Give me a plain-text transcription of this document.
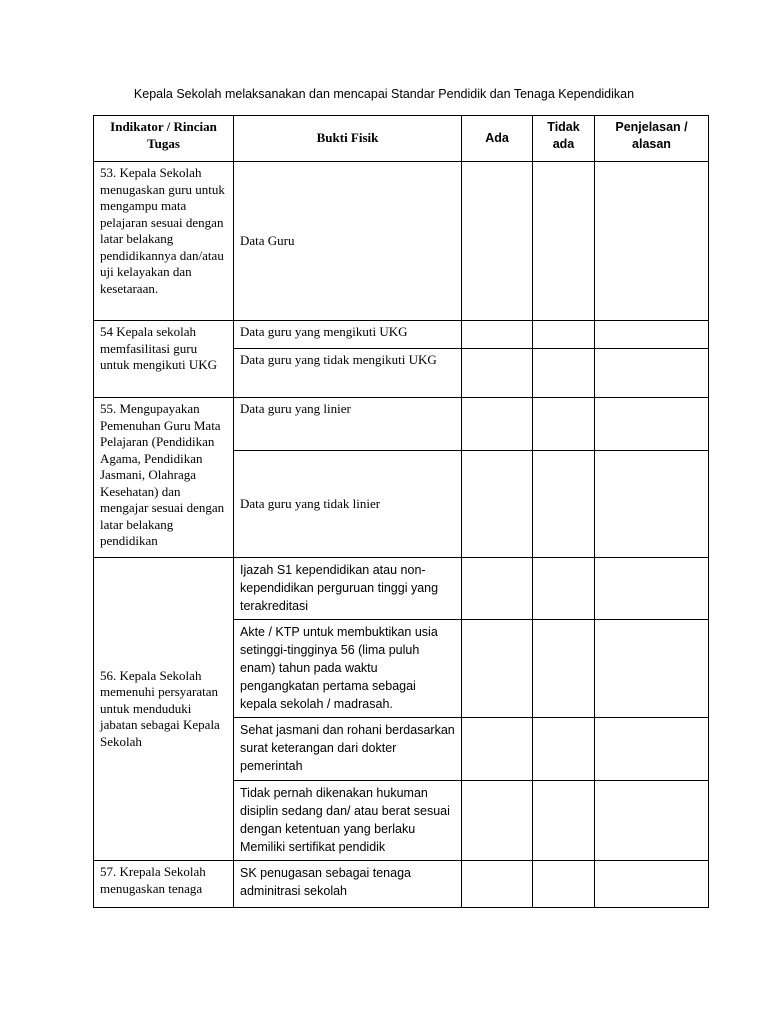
Kepala Sekolah melaksanakan dan mencapai Standar Pendidik dan Tenaga Kependidikan
Indikator / Rincian Tugas	Bukti Fisik	Ada	Tidak ada	Penjelasan / alasan
53. Kepala Sekolah menugaskan guru untuk mengampu mata pelajaran sesuai dengan latar belakang pendidikannya dan/atau uji kelayakan dan kesetaraan.	Data Guru			
54 Kepala sekolah memfasilitasi guru untuk mengikuti UKG	Data guru yang mengikuti UKG			
	Data guru yang tidak mengikuti UKG			
55. Mengupayakan Pemenuhan Guru Mata Pelajaran (Pendidikan Agama, Pendidikan Jasmani, Olahraga Kesehatan) dan mengajar sesuai dengan latar belakang pendidikan	Data guru yang linier			
	Data guru yang tidak linier			
56. Kepala Sekolah memenuhi persyaratan untuk menduduki jabatan sebagai Kepala Sekolah	Ijazah S1 kependidikan atau non-kependidikan perguruan tinggi yang terakreditasi			
	Akte / KTP untuk membuktikan usia setinggi-tingginya 56 (lima puluh enam) tahun pada waktu pengangkatan pertama sebagai kepala sekolah / madrasah.			
	Sehat jasmani dan rohani berdasarkan surat keterangan dari dokter pemerintah			
	Tidak pernah dikenakan hukuman disiplin sedang dan/ atau berat sesuai dengan ketentuan yang berlaku Memiliki sertifikat pendidik			
57. Krepala Sekolah menugaskan tenaga	SK penugasan sebagai tenaga adminitrasi sekolah			
